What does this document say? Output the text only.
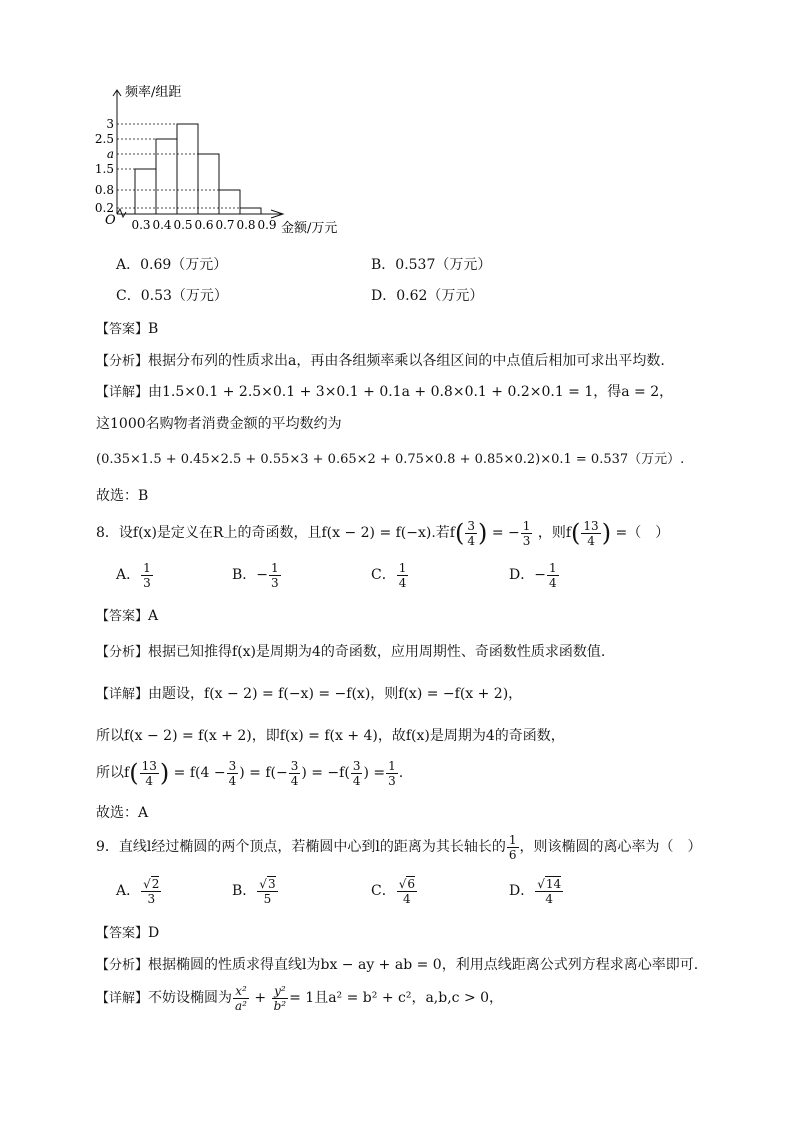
1.5
2.5
3
a
0.8
0.2
0.3 0.4 0.5 0.6 0.7 0.8 0.9
O
频率/组距
金额/万元
A．0.69（万元）	B．0.537（万元）
C．0.53（万元）	D．0.62（万元）
【答案】B
【分析】根据分布列的性质求出a，再由各组频率乘以各组区间的中点值后相加可求出平均数.
【详解】由1.5×0.1 + 2.5×0.1 + 3×0.1 + 0.1a + 0.8×0.1 + 0.2×0.1 = 1，得a = 2，
这1000名购物者消费金额的平均数约为
(0.35×1.5 + 0.45×2.5 + 0.55×3 + 0.65×2 + 0.75×0.8 + 0.85×0.2)×0.1 = 0.537（万元）.
故选：B
8．设f(x)是定义在R上的奇函数，且f(x − 2) = f(−x).若$f( \frac{3}{4}$ ) = − $\frac{1}{3}$ ，则$f( \frac{13}{4}$ ) =（　）
A． $\frac{1}{3}$	B．− $\frac{1}{3}$	C． $\frac{1}{4}$	D．− $\frac{1}{4}$
【答案】A
【分析】根据已知推得f(x)是周期为4的奇函数，应用周期性、奇函数性质求函数值.
【详解】由题设，f(x − 2) = f(−x) = −f(x)，则f(x) = −f(x + 2)，
所以f(x − 2) = f(x + 2)，即f(x) = f(x + 4)，故f(x)是周期为4的奇函数，
所以$f( \frac{13}{4}$ ) = $f(4 - \frac{3}{4}$ ) = $f(- \frac{3}{4}$ ) = $-f( \frac{3}{4}$ ) = $\frac{1}{3}$ .
故选：A
9．直线l经过椭圆的两个顶点，若椭圆中心到l的距离为其长轴长的 $\frac{1}{6}$ ，则该椭圆的离心率为（　）
A． $\frac{√2}{3}$	B． $\frac{√3}{5}$	C． $\frac{√6}{4}$	D． $\frac{√14}{4}$
【答案】D
【分析】根据椭圆的性质求得直线l为bx − ay + ab = 0，利用点线距离公式列方程求离心率即可.
【详解】不妨设椭圆为 $\frac{\text{x²}}{\text{a²}} + \frac{\text{y²}}{\text{b²}} = 1$且a² = b² + c²，a,b,c > 0，
